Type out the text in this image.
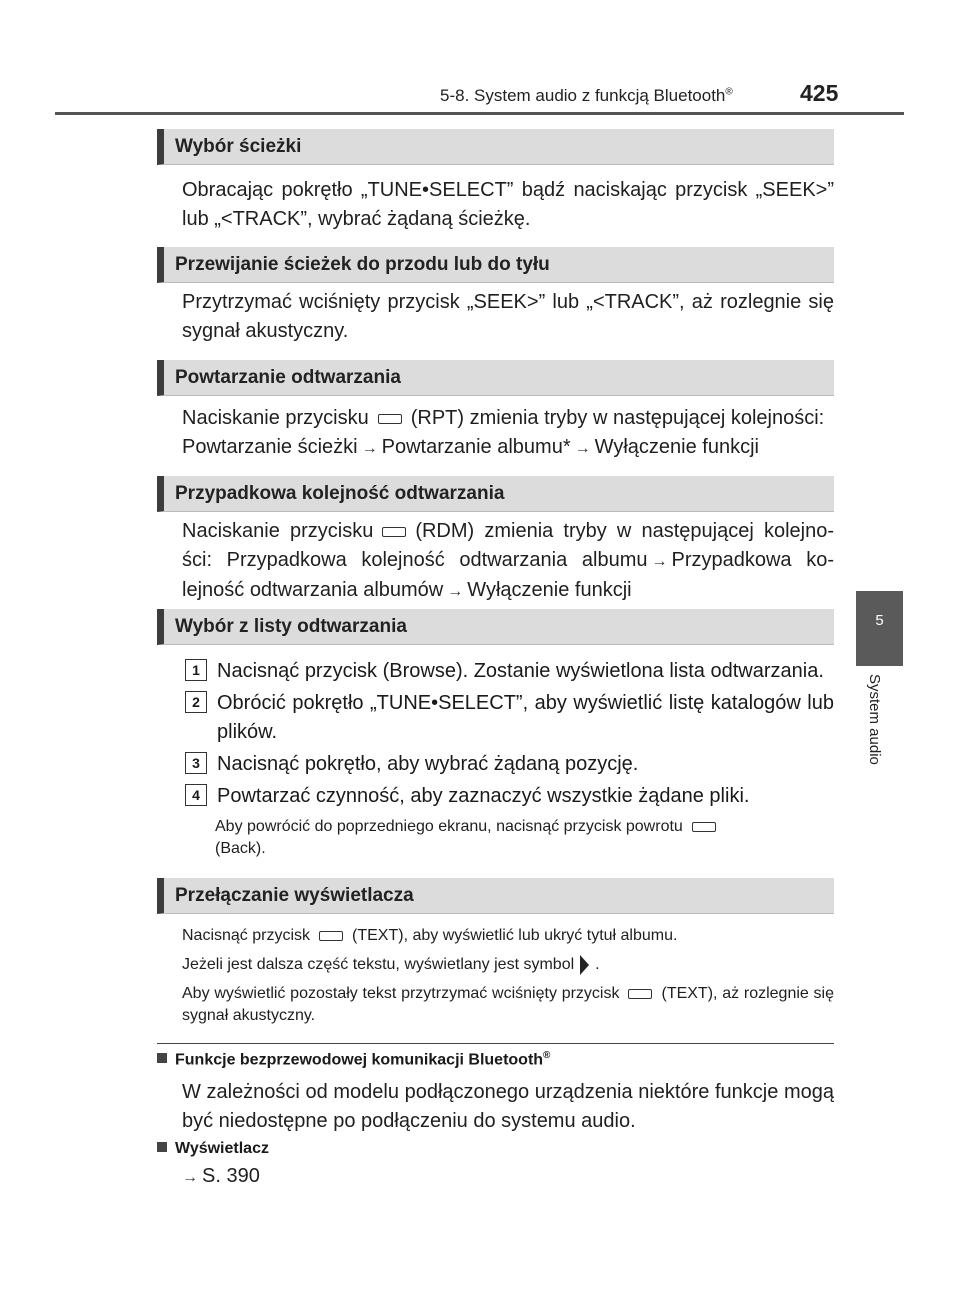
5-8. System audio z funkcją Bluetooth®	425
5
System audio
Wybór ścieżki
Obracając pokrętło „TUNE•SELECT” bądź naciskając przycisk „SEEK>” lub „<TRACK”, wybrać żądaną ścieżkę.
Przewijanie ścieżek do przodu lub do tyłu
Przytrzymać wciśnięty przycisk „SEEK>” lub „<TRACK”, aż rozlegnie się sygnał akustyczny.
Powtarzanie odtwarzania
Naciskanie przycisku (RPT) zmienia tryby w następującej kolejności:
Powtarzanie ścieżki → Powtarzanie albumu* → Wyłączenie funkcji
Przypadkowa kolejność odtwarzania
Naciskanie przycisku (RDM) zmienia tryby w następującej kolejno-ści: Przypadkowa kolejność odtwarzania albumu → Przypadkowa ko-lejność odtwarzania albumów → Wyłączenie funkcji
Wybór z listy odtwarzania
1 Nacisnąć przycisk (Browse). Zostanie wyświetlona lista odtwarzania.
2 Obrócić pokrętło „TUNE•SELECT”, aby wyświetlić listę katalogów lub plików.
3 Nacisnąć pokrętło, aby wybrać żądaną pozycję.
4 Powtarzać czynność, aby zaznaczyć wszystkie żądane pliki.
Aby powrócić do poprzedniego ekranu, nacisnąć przycisk powrotu
(Back).
Przełączanie wyświetlacza
Nacisnąć przycisk	(TEXT), aby wyświetlić lub ukryć tytuł albumu.
Jeżeli jest dalsza część tekstu, wyświetlany jest symbol .
Aby wyświetlić pozostały tekst przytrzymać wciśnięty przycisk	(TEXT), aż rozlegnie się sygnał akustyczny.
Funkcje bezprzewodowej komunikacji Bluetooth®
W zależności od modelu podłączonego urządzenia niektóre funkcje mogą być niedostępne po podłączeniu do systemu audio.
Wyświetlacz
→ S. 390
